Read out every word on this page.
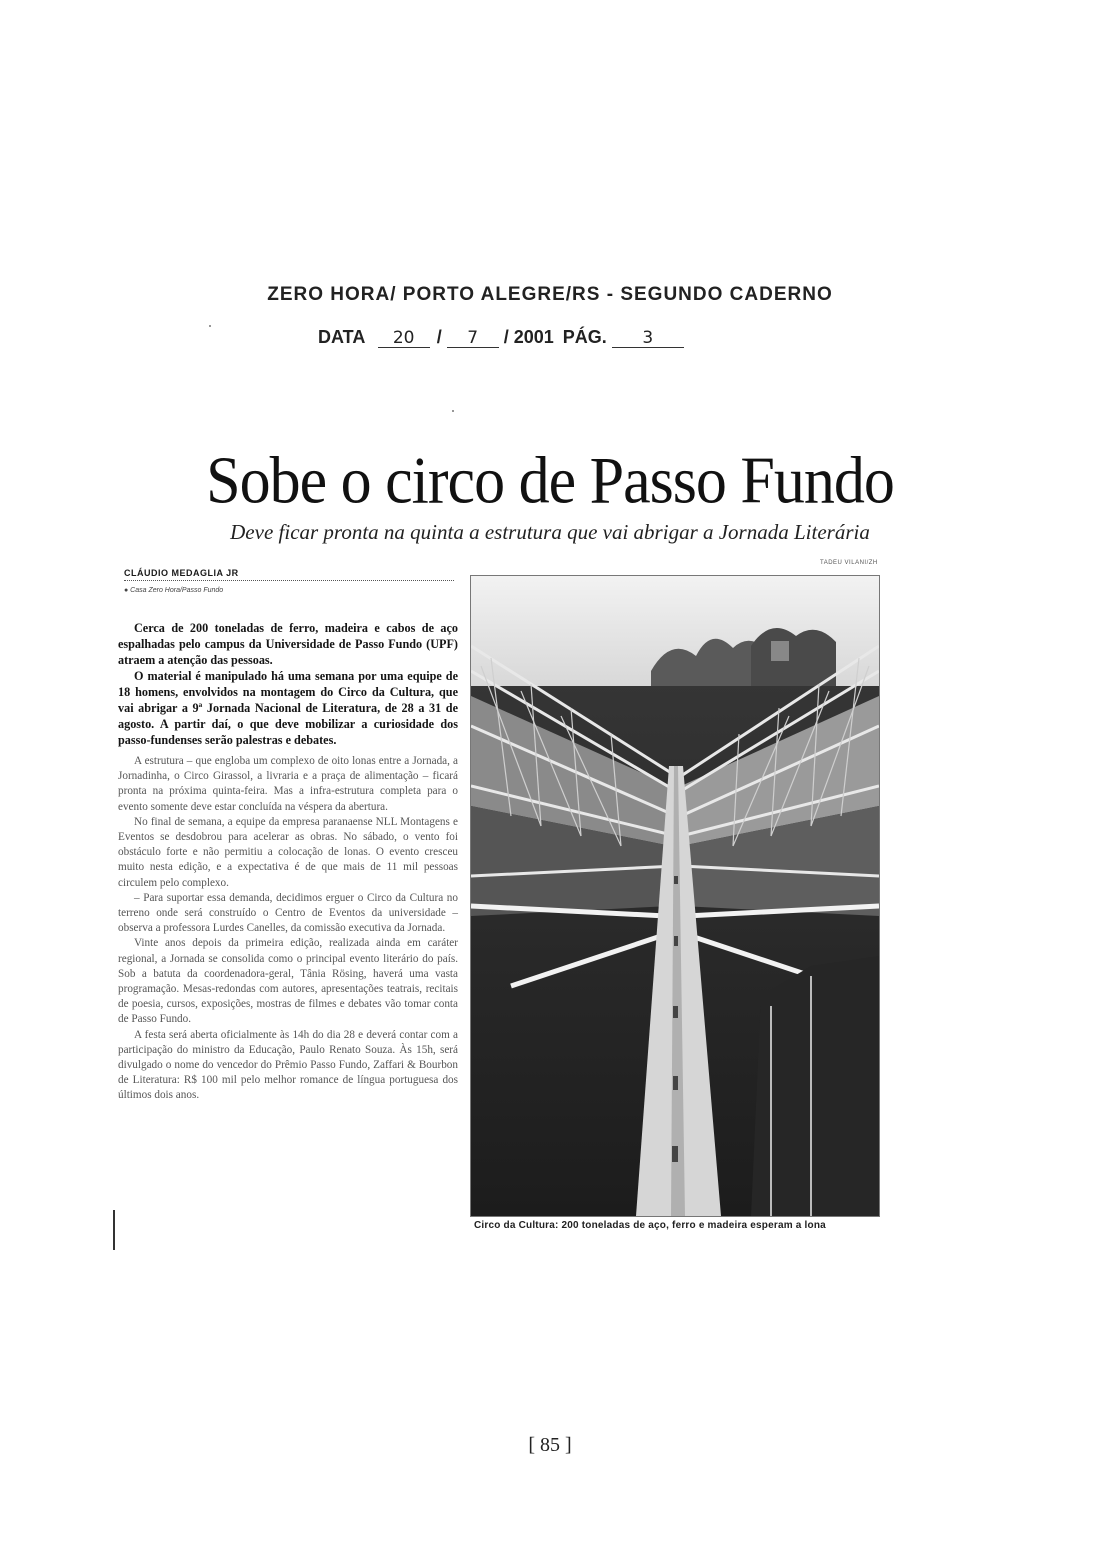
ZERO HORA/ PORTO ALEGRE/RS - SEGUNDO CADERNO
DATA 20 / 7 / 2001 PÁG. 3
Sobe o circo de Passo Fundo
Deve ficar pronta na quinta a estrutura que vai abrigar a Jornada Literária
CLÁUDIO MEDAGLIA JR
● Casa Zero Hora/Passo Fundo
TADEU VILANI/ZH

Cerca de 200 toneladas de ferro, madeira e cabos de aço espalhadas pelo campus da Universidade de Passo Fundo (UPF) atraem a atenção das pessoas.

O material é manipulado há uma semana por uma equipe de 18 homens, envolvidos na montagem do Circo da Cultura, que vai abrigar a 9ª Jornada Nacional de Literatura, de 28 a 31 de agosto. A partir daí, o que deve mobilizar a curiosidade dos passo-fundenses serão palestras e debates.

A estrutura – que engloba um complexo de oito lonas entre a Jornada, a Jornadinha, o Circo Girassol, a livraria e a praça de alimentação – ficará pronta na próxima quinta-feira. Mas a infra-estrutura completa para o evento somente deve estar concluída na véspera da abertura.

No final de semana, a equipe da empresa paranaense NLL Montagens e Eventos se desdobrou para acelerar as obras. No sábado, o vento foi obstáculo forte e não permitiu a colocação de lonas. O evento cresceu muito nesta edição, e a expectativa é de que mais de 11 mil pessoas circulem pelo complexo.

– Para suportar essa demanda, decidimos erguer o Circo da Cultura no terreno onde será construído o Centro de Eventos da universidade – observa a professora Lurdes Canelles, da comissão executiva da Jornada.

Vinte anos depois da primeira edição, realizada ainda em caráter regional, a Jornada se consolida como o principal evento literário do país. Sob a batuta da coordenadora-geral, Tânia Rösing, haverá uma vasta programação. Mesas-redondas com autores, apresentações teatrais, recitais de poesia, cursos, exposições, mostras de filmes e debates vão tomar conta de Passo Fundo.

A festa será aberta oficialmente às 14h do dia 28 e deverá contar com a participação do ministro da Educação, Paulo Renato Souza. Às 15h, será divulgado o nome do vencedor do Prêmio Passo Fundo, Zaffari & Bourbon de Literatura: R$ 100 mil pelo melhor romance de língua portuguesa dos últimos dois anos.

Circo da Cultura: 200 toneladas de aço, ferro e madeira esperam a lona
[ 85 ]
